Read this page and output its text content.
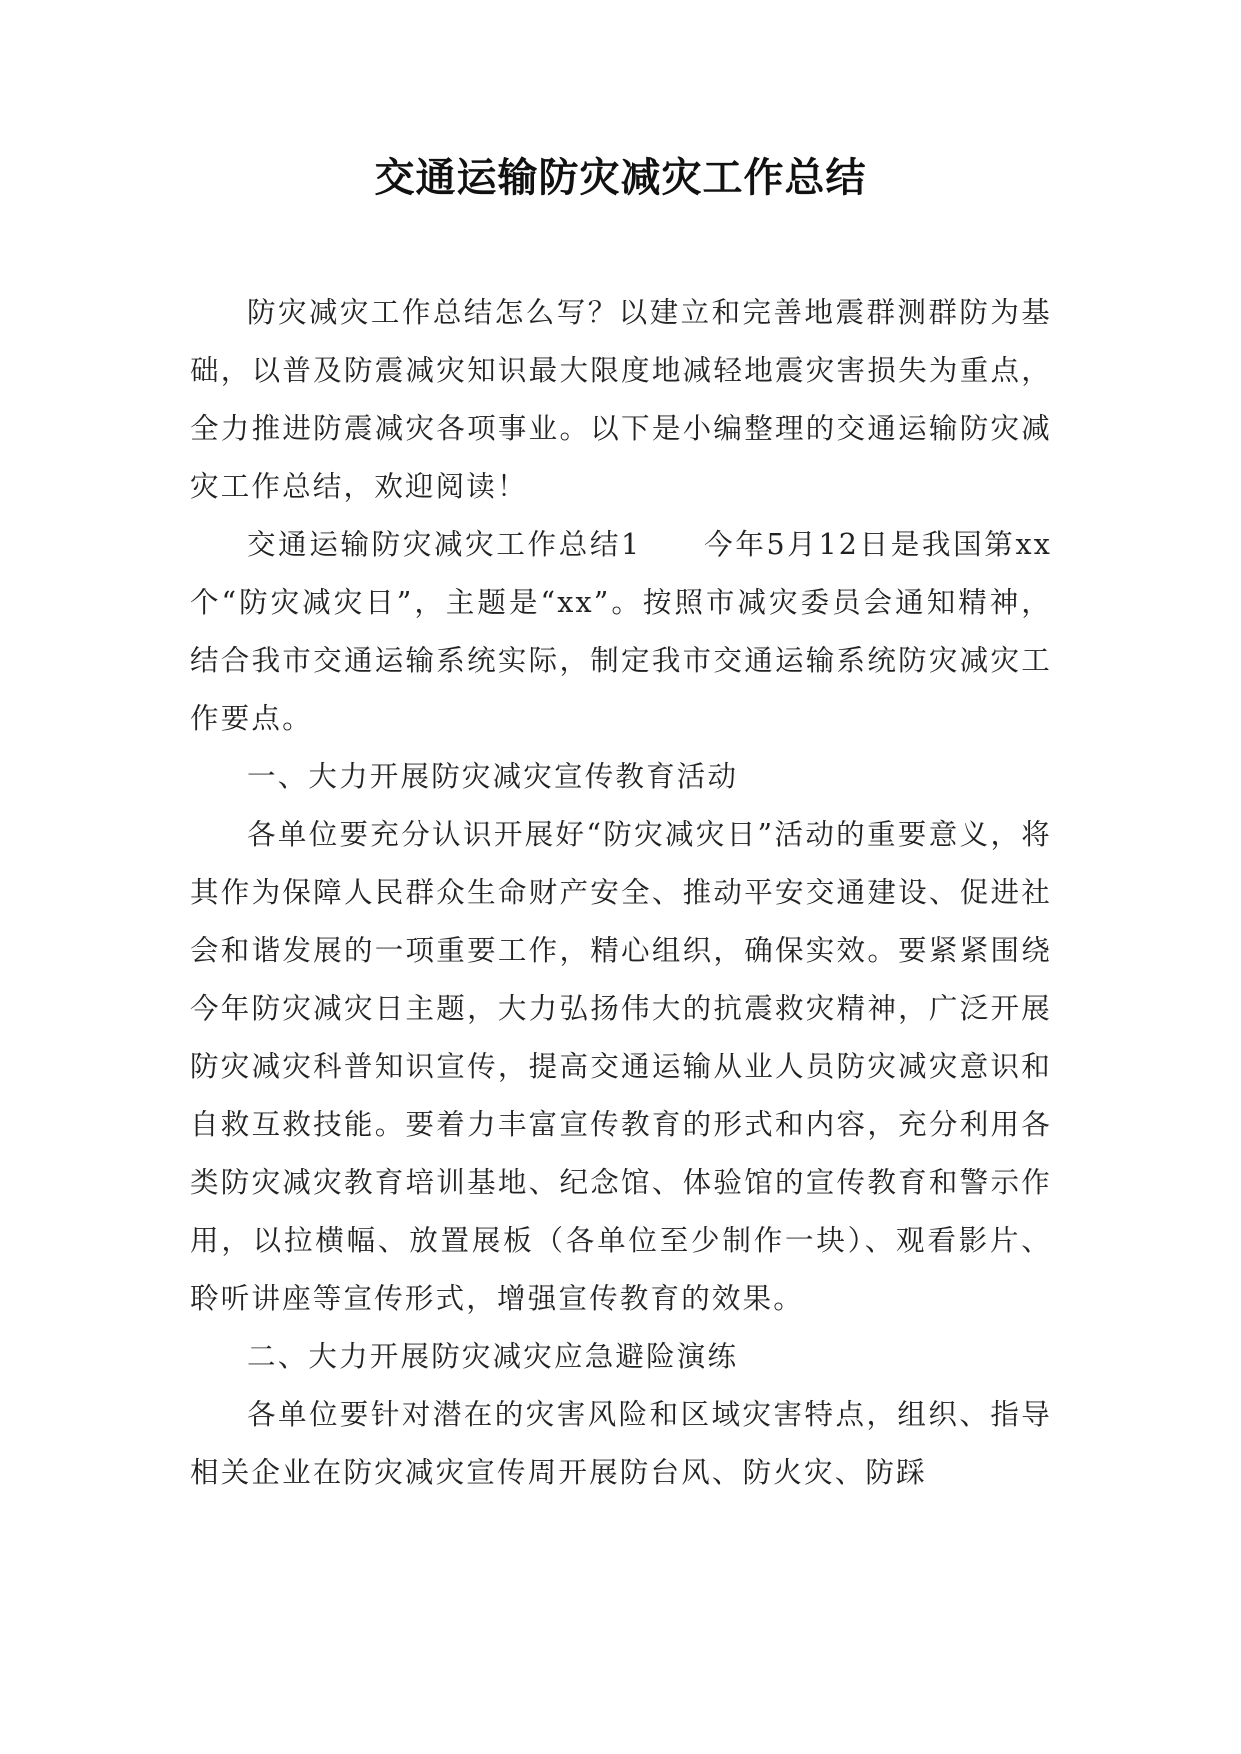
交通运输防灾减灾工作总结

防灾减灾工作总结怎么写？以建立和完善地震群测群防为基础，以普及防震减灾知识最大限度地减轻地震灾害损失为重点，全力推进防震减灾各项事业。以下是小编整理的交通运输防灾减灾工作总结，欢迎阅读！

交通运输防灾减灾工作总结1　　今年5月12日是我国第xx个“防灾减灾日”，主题是“xx”。按照市减灾委员会通知精神，结合我市交通运输系统实际，制定我市交通运输系统防灾减灾工作要点。

一、大力开展防灾减灾宣传教育活动

各单位要充分认识开展好“防灾减灾日”活动的重要意义，将其作为保障人民群众生命财产安全、推动平安交通建设、促进社会和谐发展的一项重要工作，精心组织，确保实效。要紧紧围绕今年防灾减灾日主题，大力弘扬伟大的抗震救灾精神，广泛开展防灾减灾科普知识宣传，提高交通运输从业人员防灾减灾意识和自救互救技能。要着力丰富宣传教育的形式和内容，充分利用各类防灾减灾教育培训基地、纪念馆、体验馆的宣传教育和警示作用，以拉横幅、放置展板（各单位至少制作一块）、观看影片、聆听讲座等宣传形式，增强宣传教育的效果。

二、大力开展防灾减灾应急避险演练

各单位要针对潜在的灾害风险和区域灾害特点，组织、指导相关企业在防灾减灾宣传周开展防台风、防火灾、防踩
